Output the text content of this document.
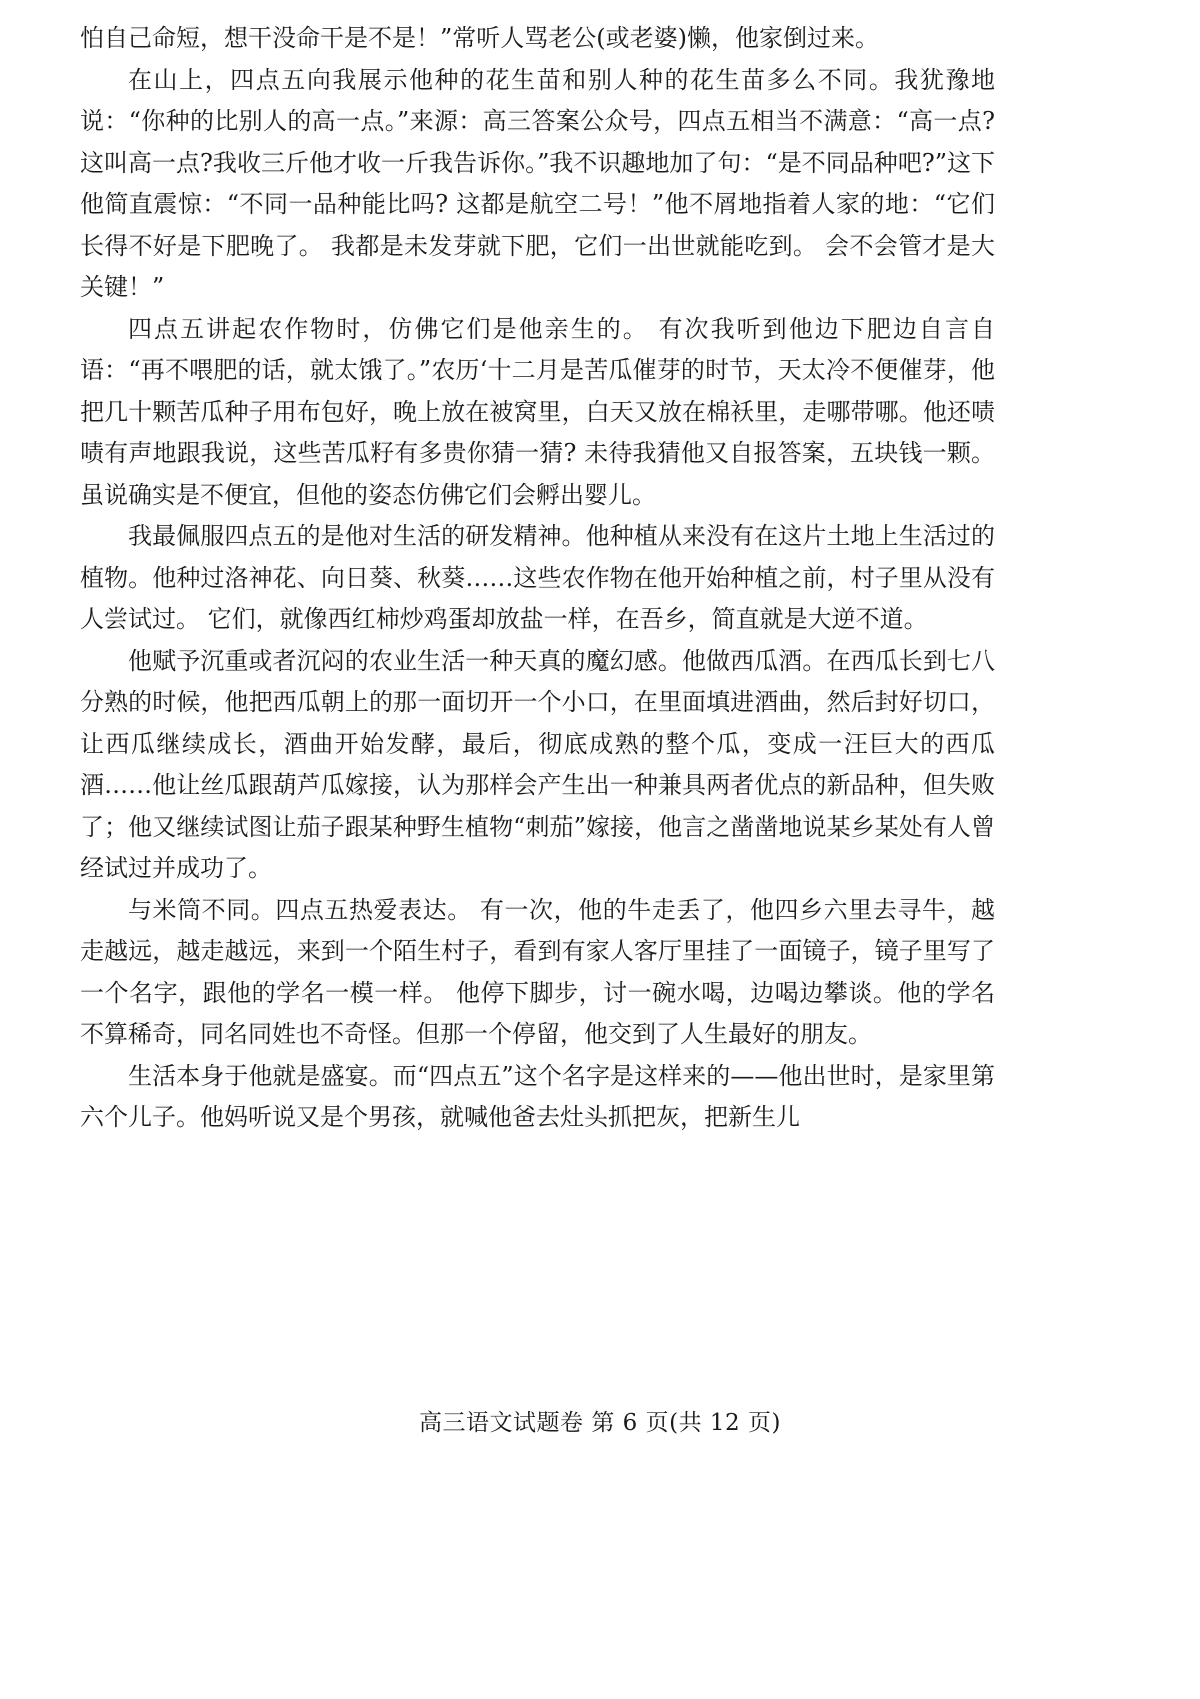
怕自己命短，想干没命干是不是！”常听人骂老公(或老婆)懒，他家倒过来。

在山上，四点五向我展示他种的花生苗和别人种的花生苗多么不同。我犹豫地说：“你种的比别人的高一点。”来源：高三答案公众号，四点五相当不满意：“高一点? 这叫高一点?我收三斤他才收一斤我告诉你。”我不识趣地加了句：“是不同品种吧?”这下他简直震惊：“不同一品种能比吗? 这都是航空二号！”他不屑地指着人家的地：“它们长得不好是下肥晚了。 我都是未发芽就下肥，它们一出世就能吃到。 会不会管才是大关键！”

四点五讲起农作物时，仿佛它们是他亲生的。 有次我听到他边下肥边自言自语：“再不喂肥的话，就太饿了。”农历‘十二月是苦瓜催芽的时节，天太冷不便催芽，他把几十颗苦瓜种子用布包好，晚上放在被窝里，白天又放在棉袄里，走哪带哪。他还啧啧有声地跟我说，这些苦瓜籽有多贵你猜一猜? 未待我猜他又自报答案，五块钱一颗。虽说确实是不便宜，但他的姿态仿佛它们会孵出婴儿。

我最佩服四点五的是他对生活的研发精神。他种植从来没有在这片土地上生活过的植物。他种过洛神花、向日葵、秋葵……这些农作物在他开始种植之前，村子里从没有人尝试过。 它们，就像西红柿炒鸡蛋却放盐一样，在吾乡，简直就是大逆不道。

他赋予沉重或者沉闷的农业生活一种天真的魔幻感。他做西瓜酒。在西瓜长到七八分熟的时候，他把西瓜朝上的那一面切开一个小口，在里面填进酒曲，然后封好切口，让西瓜继续成长，酒曲开始发酵，最后，彻底成熟的整个瓜，变成一汪巨大的西瓜酒……他让丝瓜跟葫芦瓜嫁接，认为那样会产生出一种兼具两者优点的新品种，但失败了；他又继续试图让茄子跟某种野生植物“刺茄”嫁接，他言之凿凿地说某乡某处有人曾经试过并成功了。

与米筒不同。四点五热爱表达。 有一次，他的牛走丢了，他四乡六里去寻牛，越走越远，越走越远，来到一个陌生村子，看到有家人客厅里挂了一面镜子，镜子里写了一个名字，跟他的学名一模一样。 他停下脚步，讨一碗水喝，边喝边攀谈。他的学名不算稀奇，同名同姓也不奇怪。但那一个停留，他交到了人生最好的朋友。

生活本身于他就是盛宴。而“四点五”这个名字是这样来的——他出世时，是家里第六个儿子。他妈听说又是个男孩，就喊他爸去灶头抓把灰，把新生儿

高三语文试题卷 第 6 页(共 12 页)
